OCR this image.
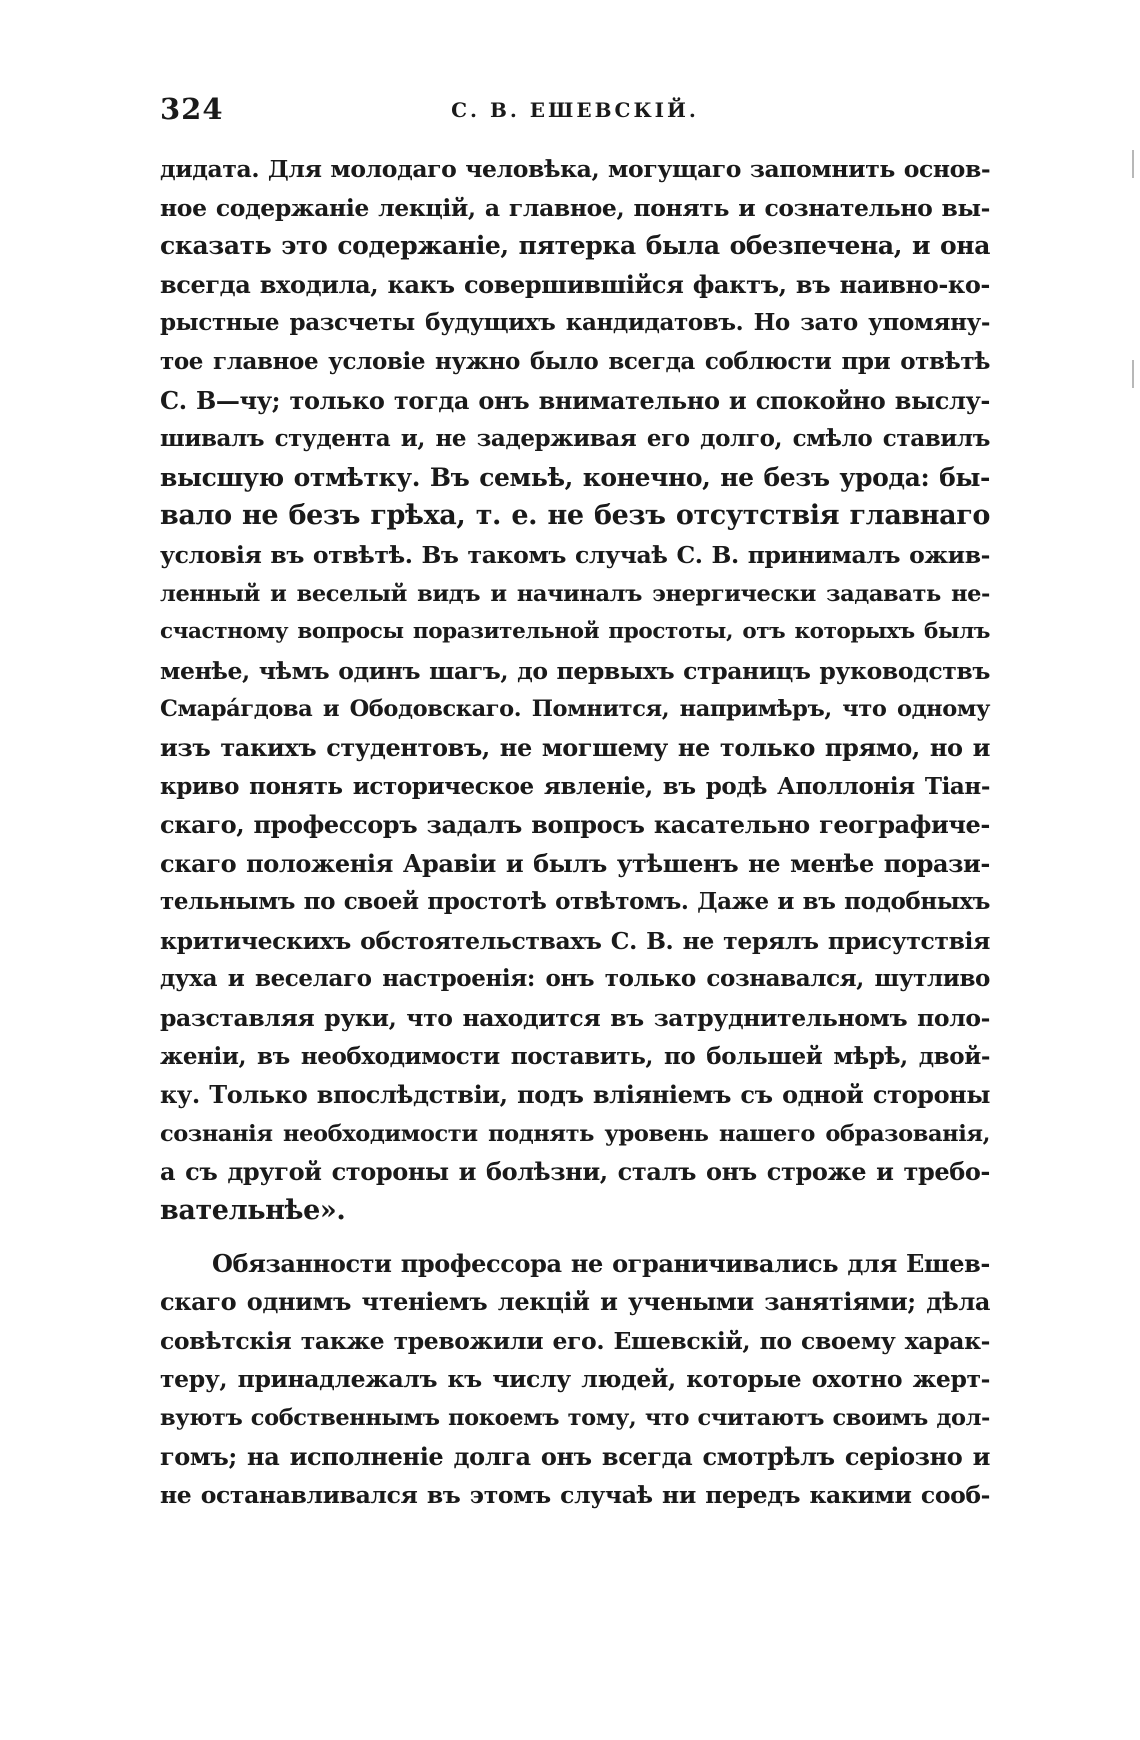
324	С. В. ЕШЕВСКІЙ.
дидата. Для молодаго человѣка, могущаго запомнить основ-
ное содержаніе лекцій, а главное, понять и сознательно вы-
сказать это содержаніе, пятерка была обезпечена, и она
всегда входила, какъ совершившійся фактъ, въ наивно-ко-
рыстные разсчеты будущихъ кандидатовъ. Но зато упомяну-
тое главное условіе нужно было всегда соблюсти при отвѣтѣ
С. В—чу; только тогда онъ внимательно и спокойно выслу-
шивалъ студента и, не задерживая его долго, смѣло ставилъ
высшую отмѣтку. Въ семьѣ, конечно, не безъ урода: бы-
вало не безъ грѣха, т. е. не безъ отсутствія главнаго
условія въ отвѣтѣ. Въ такомъ случаѣ С. В. принималъ ожив-
ленный и веселый видъ и начиналъ энергически задавать не-
счастному вопросы поразительной простоты, отъ которыхъ былъ
менѣе, чѣмъ одинъ шагъ, до первыхъ страницъ руководствъ
Смара́гдова и Ободовскаго. Помнится, напримѣръ, что одному
изъ такихъ студентовъ, не могшему не только прямо, но и
криво понять историческое явленіе, въ родѣ Аполлонія Тіан-
скаго, профессоръ задалъ вопросъ касательно географиче-
скаго положенія Аравіи и былъ утѣшенъ не менѣе порази-
тельнымъ по своей простотѣ отвѣтомъ. Даже и въ подобныхъ
критическихъ обстоятельствахъ С. В. не терялъ присутствія
духа и веселаго настроенія: онъ только сознавался, шутливо
разставляя руки, что находится въ затруднительномъ поло-
женіи, въ необходимости поставить, по большей мѣрѣ, двой-
ку. Только впослѣдствіи, подъ вліяніемъ съ одной стороны
сознанія необходимости поднять уровень нашего образованія,
а съ другой стороны и болѣзни, сталъ онъ строже и требо-
вательнѣе».
Обязанности профессора не ограничивались для Ешев-
скаго однимъ чтеніемъ лекцій и учеными занятіями; дѣла
совѣтскія также тревожили его. Ешевскій, по своему харак-
теру, принадлежалъ къ числу людей, которые охотно жерт-
вуютъ собственнымъ покоемъ тому, что считаютъ своимъ дол-
гомъ; на исполненіе долга онъ всегда смотрѣлъ серіозно и
не останавливался въ этомъ случаѣ ни передъ какими сооб-
